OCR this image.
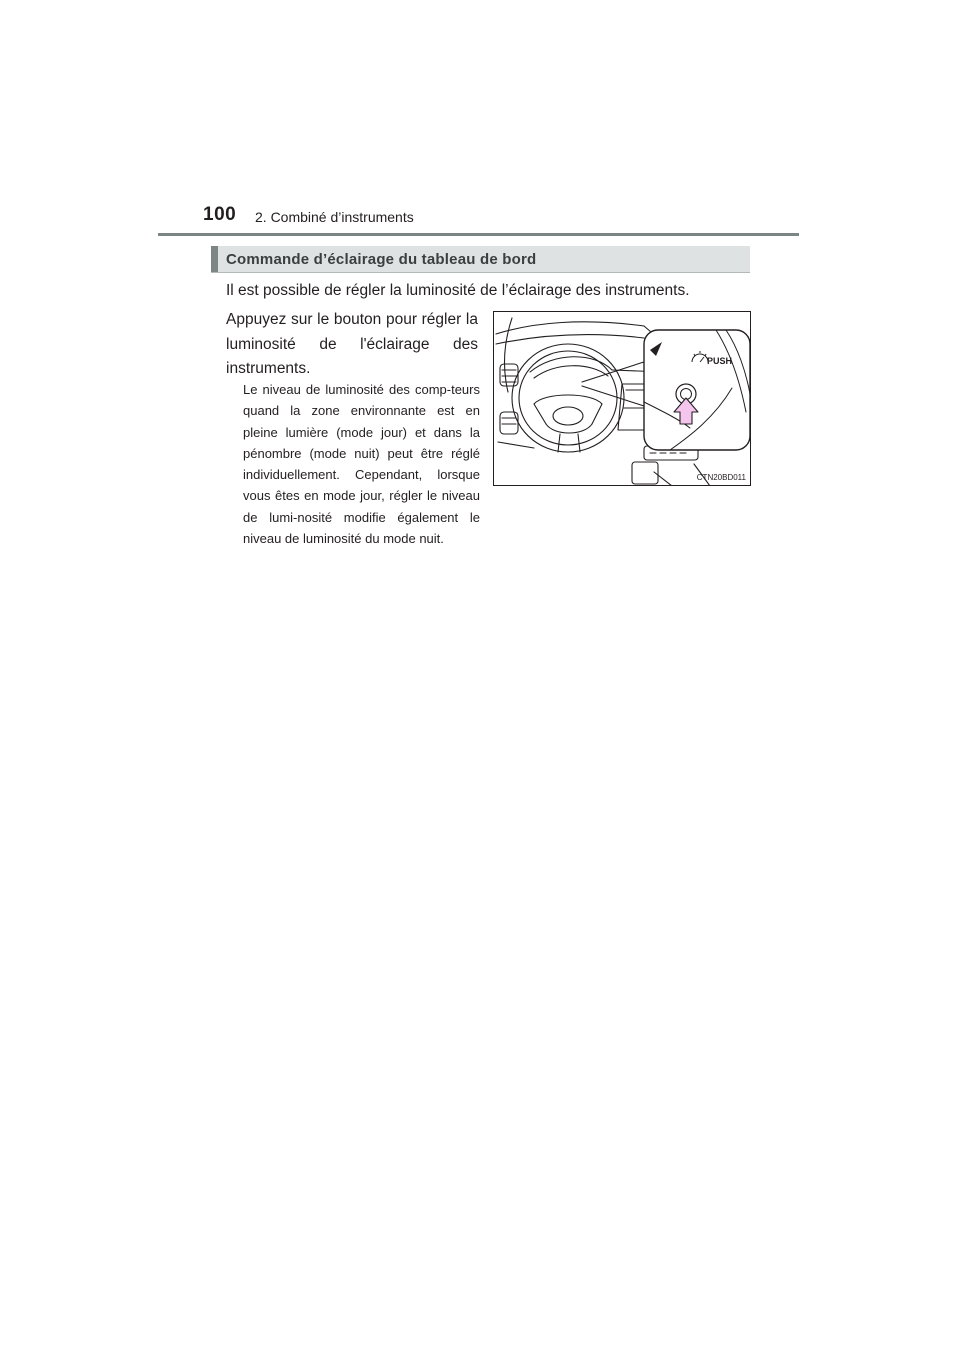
100 2. Combiné d’instruments
Commande d’éclairage du tableau de bord
Il est possible de régler la luminosité de l’éclairage des instruments.
Appuyez sur le bouton pour régler la luminosité de l'éclairage des instruments.
Le niveau de luminosité des comp-teurs quand la zone environnante est en pleine lumière (mode jour) et dans la pénombre (mode nuit) peut être réglé individuellement. Cependant, lorsque vous êtes en mode jour, régler le niveau de lumi-nosité modifie également le niveau de luminosité du mode nuit.
PUSH
CTN20BD011
